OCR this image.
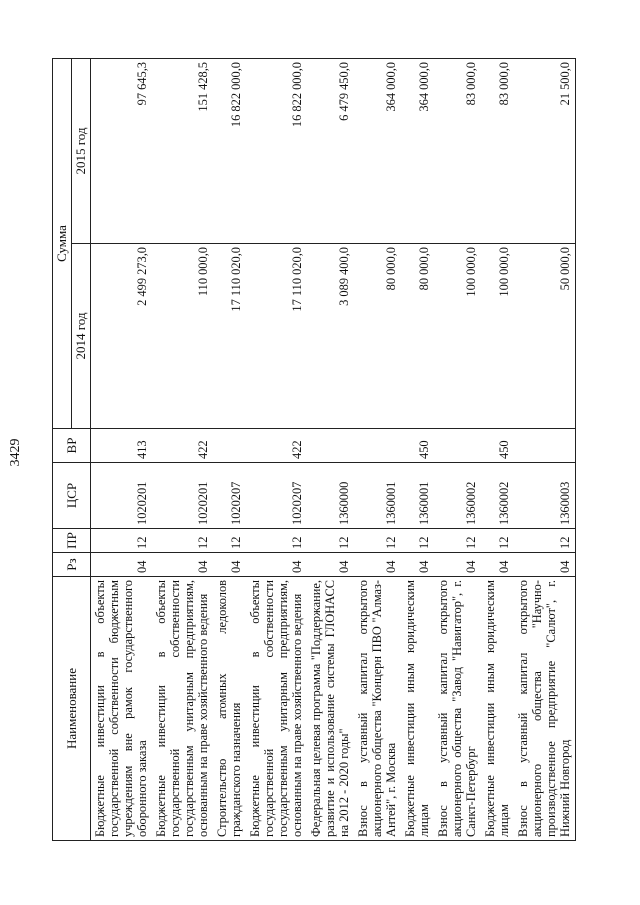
3429
Наименование	Рз	ПР	ЦСР	ВР	Сумма	
					2014 год	2015 год
Бюджетные инвестиции в объекты государственной собственности бюджетным учреждениям вне рамок государственного оборонного заказа	04	12	1020201	413	2 499 273,0	97 645,3
Бюджетные инвестиции в объекты государственной собственности государственным унитарным предприятиям, основанным на праве хозяйственного ведения	04	12	1020201	422	110 000,0	151 428,5
Строительство атомных ледоколов гражданского назначения	04	12	1020207		17 110 020,0	16 822 000,0
Бюджетные инвестиции в объекты государственной собственности государственным унитарным предприятиям, основанным на праве хозяйственного ведения	04	12	1020207	422	17 110 020,0	16 822 000,0
Федеральная целевая программа "Поддержание, развитие и использование системы ГЛОНАСС на 2012 - 2020 годы"	04	12	1360000		3 089 400,0	6 479 450,0
Взнос в уставный капитал открытого акционерного общества "Концерн ПВО "Алмаз-Антей", г. Москва	04	12	1360001		80 000,0	364 000,0
Бюджетные инвестиции иным юридическим лицам	04	12	1360001	450	80 000,0	364 000,0
Взнос в уставный капитал открытого акционерного общества "Завод "Навигатор", г. Санкт-Петербург	04	12	1360002		100 000,0	83 000,0
Бюджетные инвестиции иным юридическим лицам	04	12	1360002	450	100 000,0	83 000,0
Взнос в уставный капитал открытого акционерного общества "Научно-производственное предприятие "Салют", г. Нижний Новгород	04	12	1360003		50 000,0	21 500,0
